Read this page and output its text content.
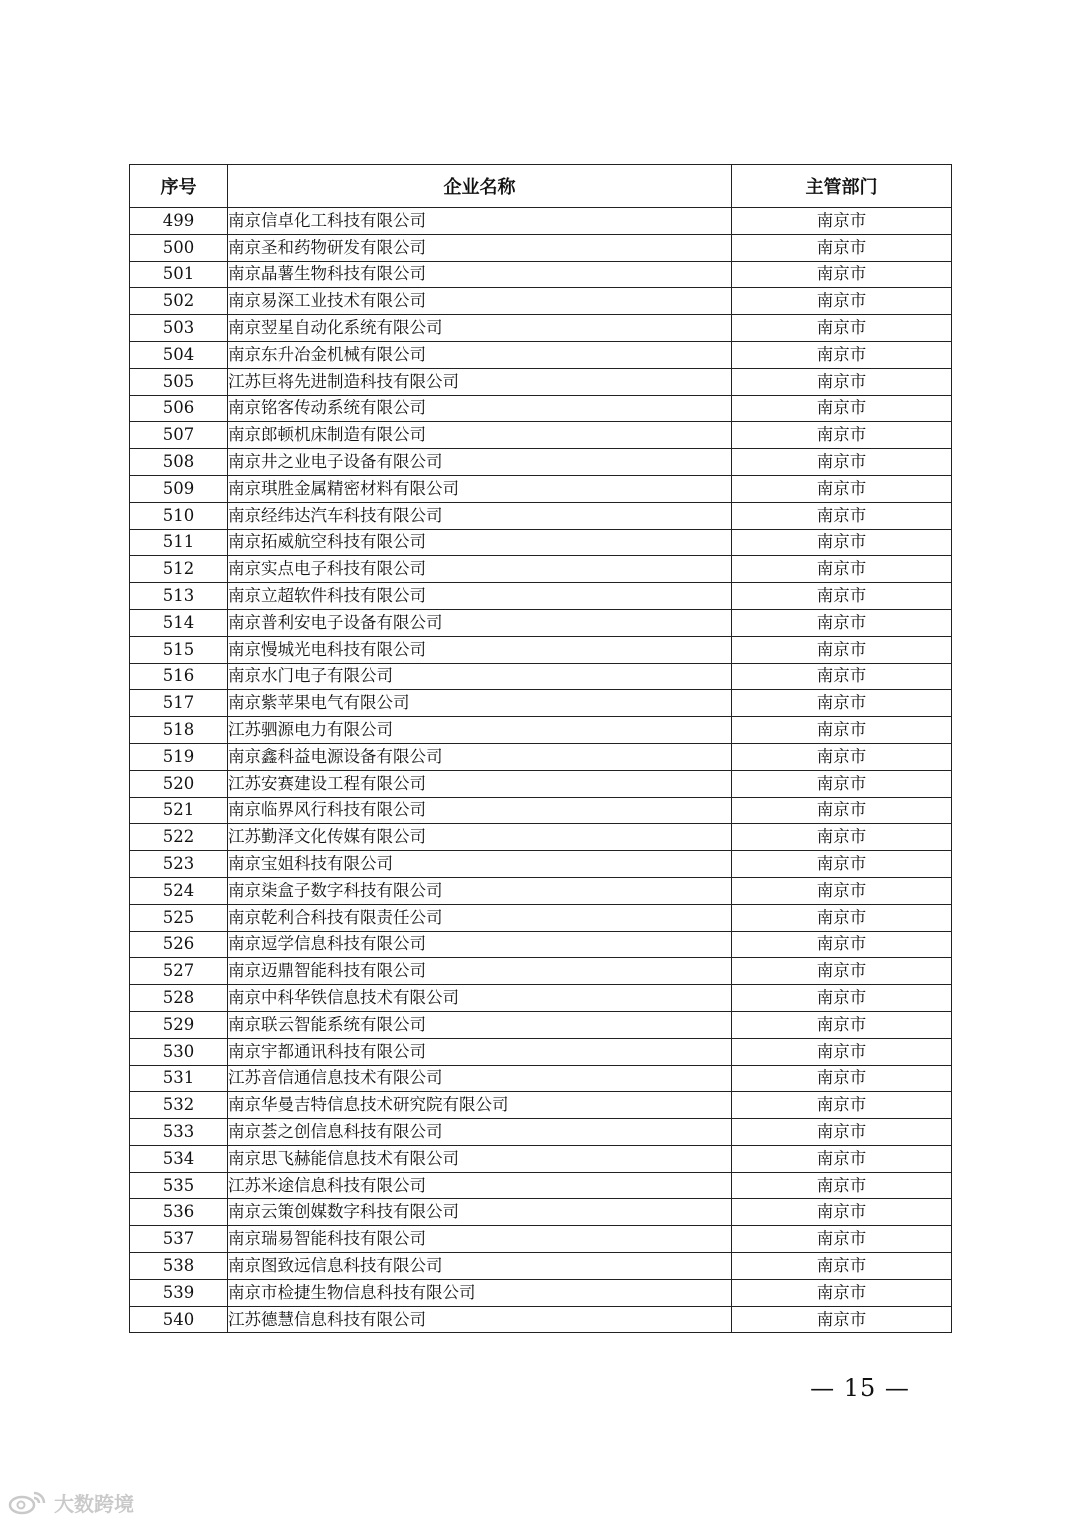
序号	企业名称	主管部门
499	南京信卓化工科技有限公司	南京市
500	南京圣和药物研发有限公司	南京市
501	南京晶薯生物科技有限公司	南京市
502	南京易深工业技术有限公司	南京市
503	南京翌星自动化系统有限公司	南京市
504	南京东升冶金机械有限公司	南京市
505	江苏巨将先进制造科技有限公司	南京市
506	南京铭客传动系统有限公司	南京市
507	南京郎顿机床制造有限公司	南京市
508	南京井之业电子设备有限公司	南京市
509	南京琪胜金属精密材料有限公司	南京市
510	南京经纬达汽车科技有限公司	南京市
511	南京拓威航空科技有限公司	南京市
512	南京实点电子科技有限公司	南京市
513	南京立超软件科技有限公司	南京市
514	南京普利安电子设备有限公司	南京市
515	南京慢城光电科技有限公司	南京市
516	南京水门电子有限公司	南京市
517	南京紫苹果电气有限公司	南京市
518	江苏驷源电力有限公司	南京市
519	南京鑫科益电源设备有限公司	南京市
520	江苏安赛建设工程有限公司	南京市
521	南京临界风行科技有限公司	南京市
522	江苏勤泽文化传媒有限公司	南京市
523	南京宝姐科技有限公司	南京市
524	南京柒盒子数字科技有限公司	南京市
525	南京乾利合科技有限责任公司	南京市
526	南京逗学信息科技有限公司	南京市
527	南京迈鼎智能科技有限公司	南京市
528	南京中科华铁信息技术有限公司	南京市
529	南京联云智能系统有限公司	南京市
530	南京宇都通讯科技有限公司	南京市
531	江苏音信通信息技术有限公司	南京市
532	南京华曼吉特信息技术研究院有限公司	南京市
533	南京荟之创信息科技有限公司	南京市
534	南京思飞赫能信息技术有限公司	南京市
535	江苏米途信息科技有限公司	南京市
536	南京云策创媒数字科技有限公司	南京市
537	南京瑞易智能科技有限公司	南京市
538	南京图致远信息科技有限公司	南京市
539	南京市检捷生物信息科技有限公司	南京市
540	江苏德慧信息科技有限公司	南京市
— 15 —
大数跨境
